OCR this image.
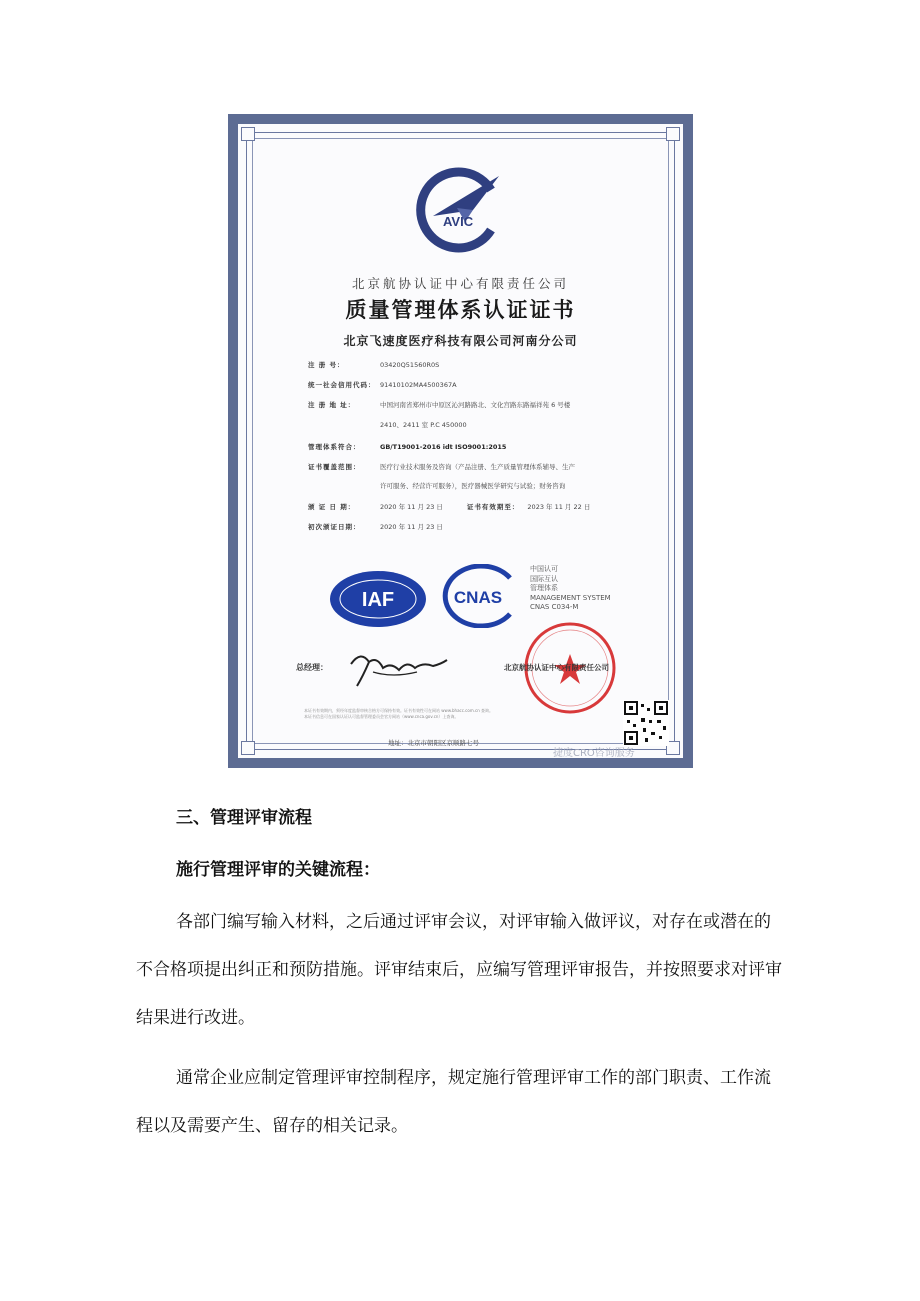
AVIC
北京航协认证中心有限责任公司
质量管理体系认证证书
北京飞速度医疗科技有限公司河南分公司
注 册 号：	03420Q51560R0S
统一社会信用代码： 91410102MA4500367A
注 册 地 址：	中国河南省郑州市中原区沁河路路北、文化宫路东路福祥苑 6 号楼
2410、2411 室 P.C 450000
管理体系符合：	GB/T19001-2016 idt ISO9001:2015
证书覆盖范围：	医疗行业技术服务及咨询（产品注册、生产质量管理体系辅导、生产
许可服务、经营许可服务），医疗器械医学研究与试验；财务咨询
颁 证 日 期：	2020 年 11 月 23 日	证书有效期至： 2023 年 11 月 22 日
初次颁证日期：	2020 年 11 月 23 日
IAF	CNAS
中国认可
国际互认
管理体系
MANAGEMENT SYSTEM
CNAS C034-M
总经理：	北京航协认证中心有限责任公司
本证书有效期内，须经年度监督审核合格方可保持有效。证书有效性可在网站 www.bhacc.com.cn 查询。
本证书信息可在国家认证认可监督管理委员会官方网站（www.cnca.gov.cn）上查询。
地址：北京市朝阳区京顺路七号
捷度CRO咨询服务
三、管理评审流程
施行管理评审的关键流程：

各部门编写输入材料，之后通过评审会议，对评审输入做评议，对存在或潜在的不合格项提出纠正和预防措施。评审结束后，应编写管理评审报告，并按照要求对评审结果进行改进。

通常企业应制定管理评审控制程序，规定施行管理评审工作的部门职责、工作流程以及需要产生、留存的相关记录。
